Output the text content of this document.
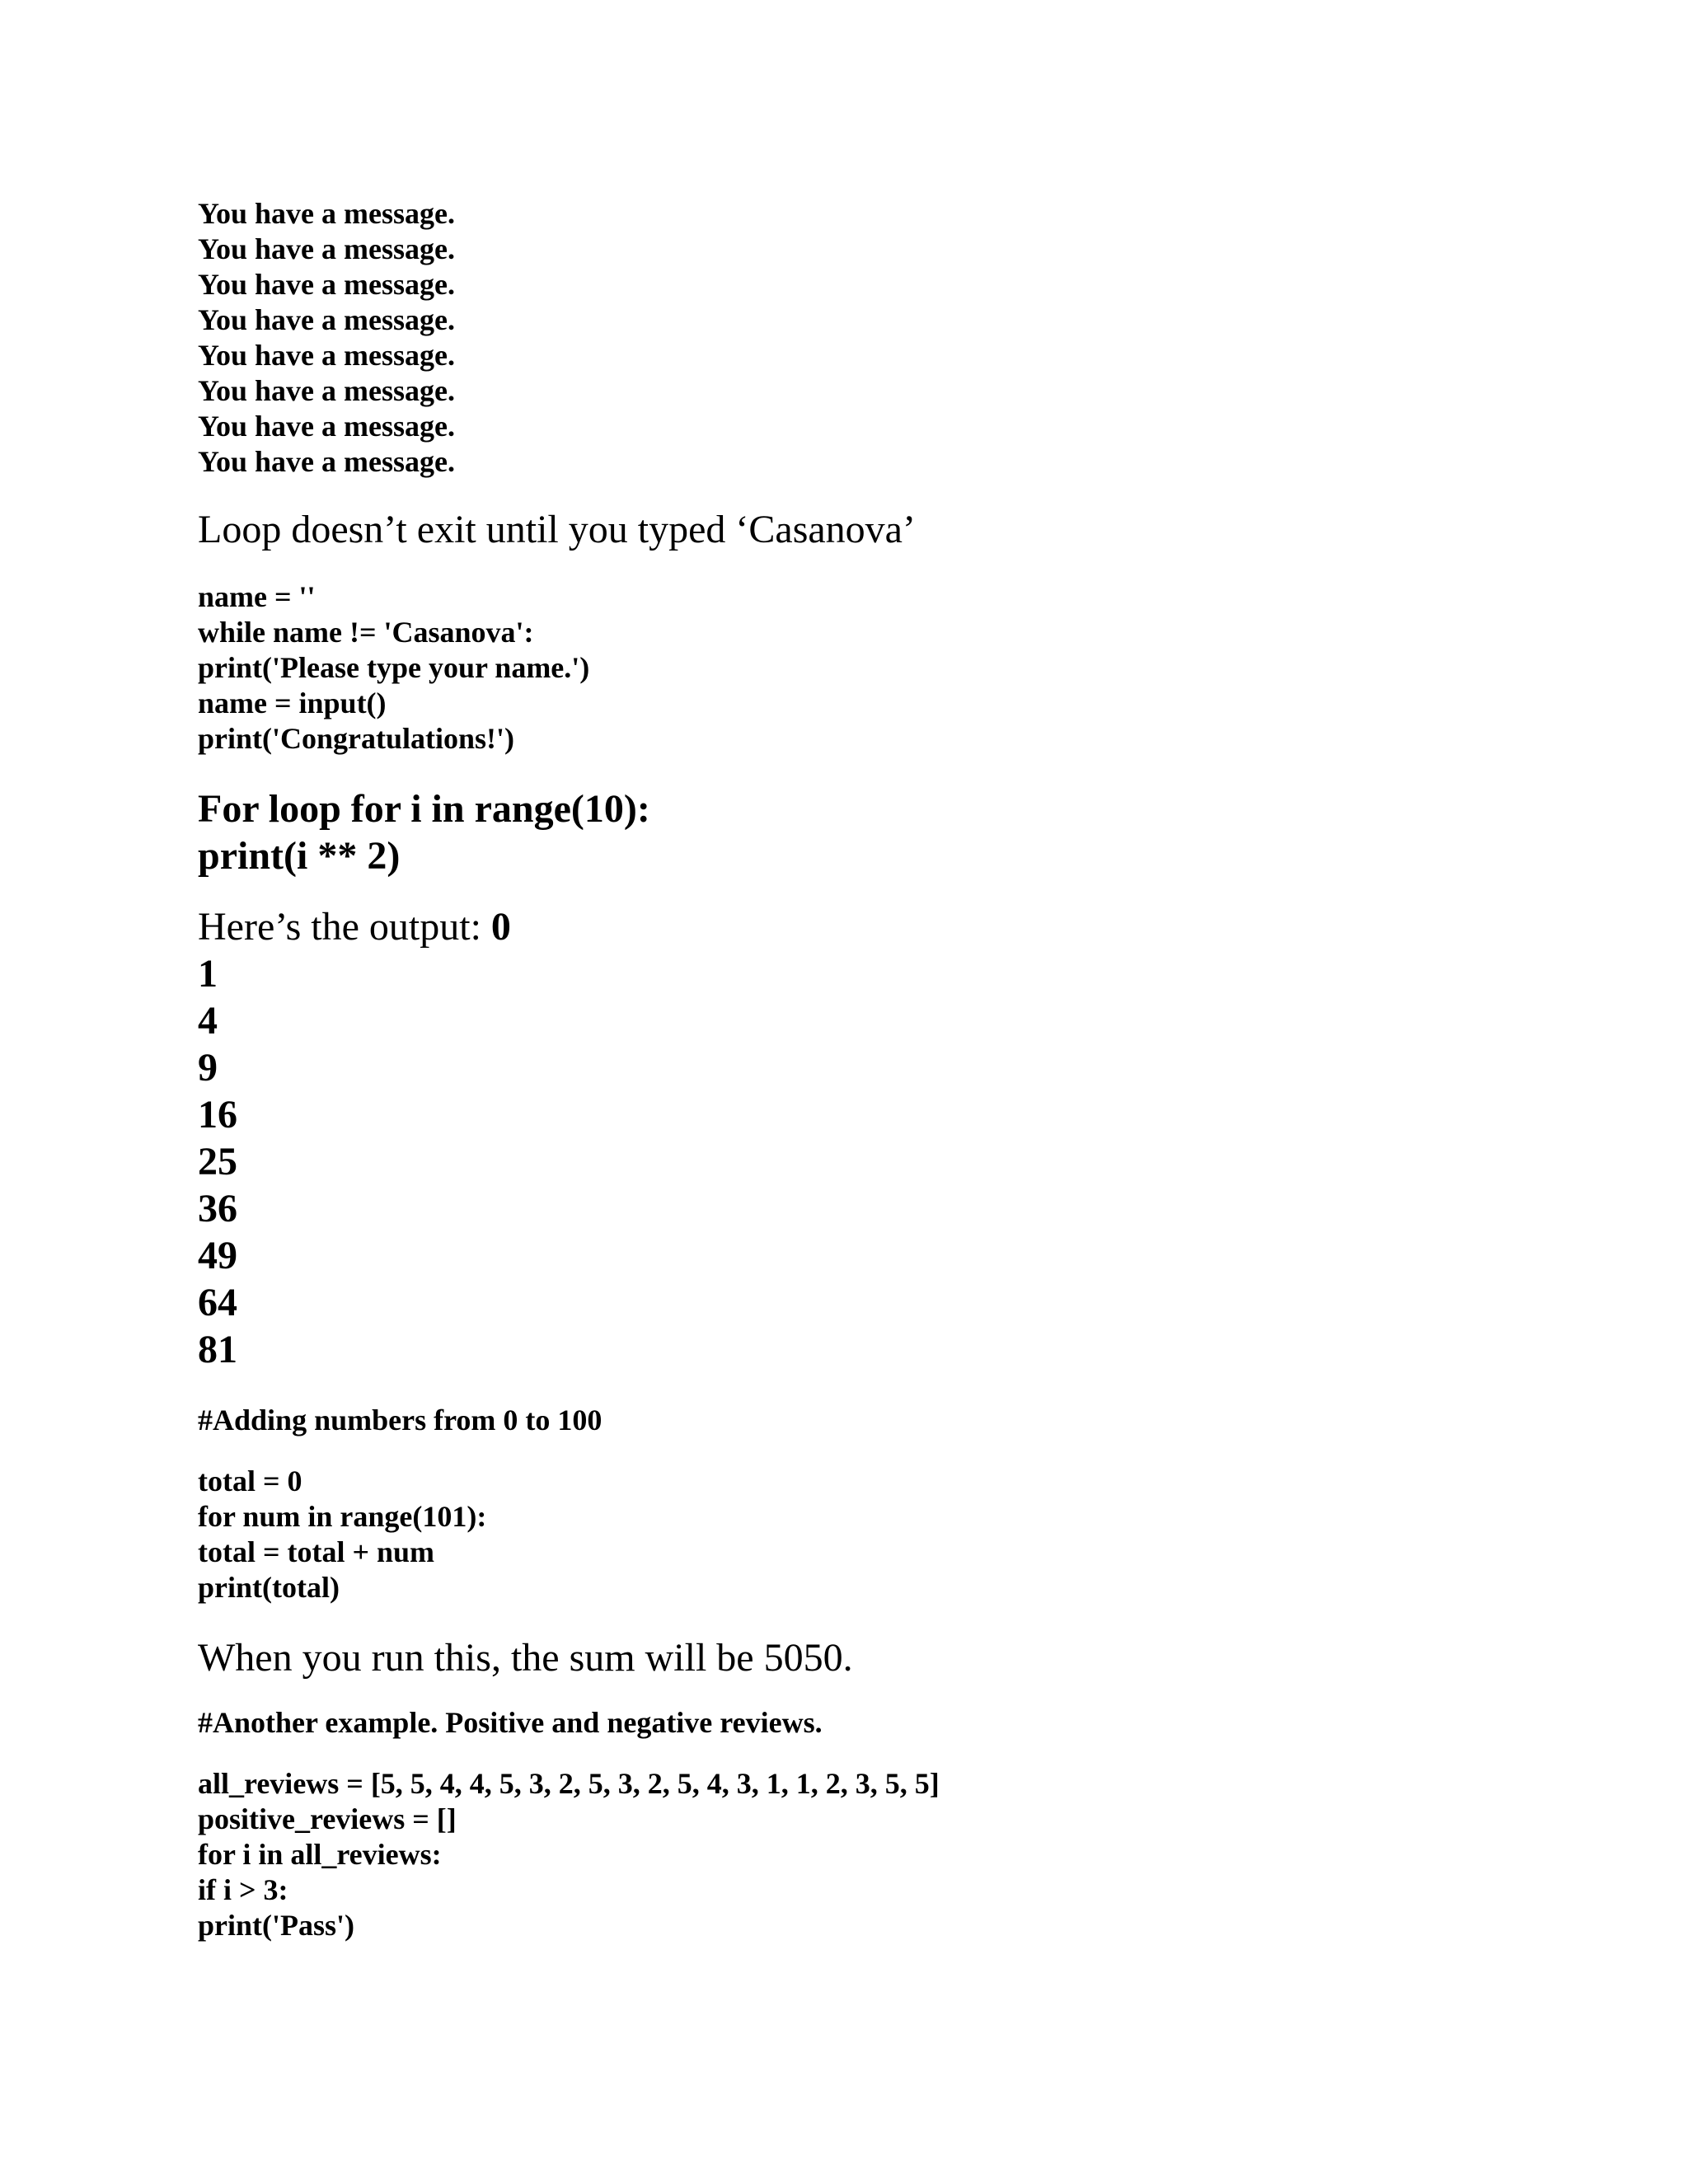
You have a message.
You have a message.
You have a message.
You have a message.
You have a message.
You have a message.
You have a message.
You have a message.
Loop doesn’t exit until you typed ‘Casanova’
name = ''
while name != 'Casanova':
print('Please type your name.')
name = input()
print('Congratulations!')
For loop for i in range(10):
print(i ** 2)
Here’s the output: 0
1
4
9
16
25
36
49
64
81
#Adding numbers from 0 to 100
total = 0
for num in range(101):
total = total + num
print(total)
When you run this, the sum will be 5050.
#Another example. Positive and negative reviews.
all_reviews = [5, 5, 4, 4, 5, 3, 2, 5, 3, 2, 5, 4, 3, 1, 1, 2, 3, 5, 5]
positive_reviews = []
for i in all_reviews:
if i > 3:
print('Pass')
